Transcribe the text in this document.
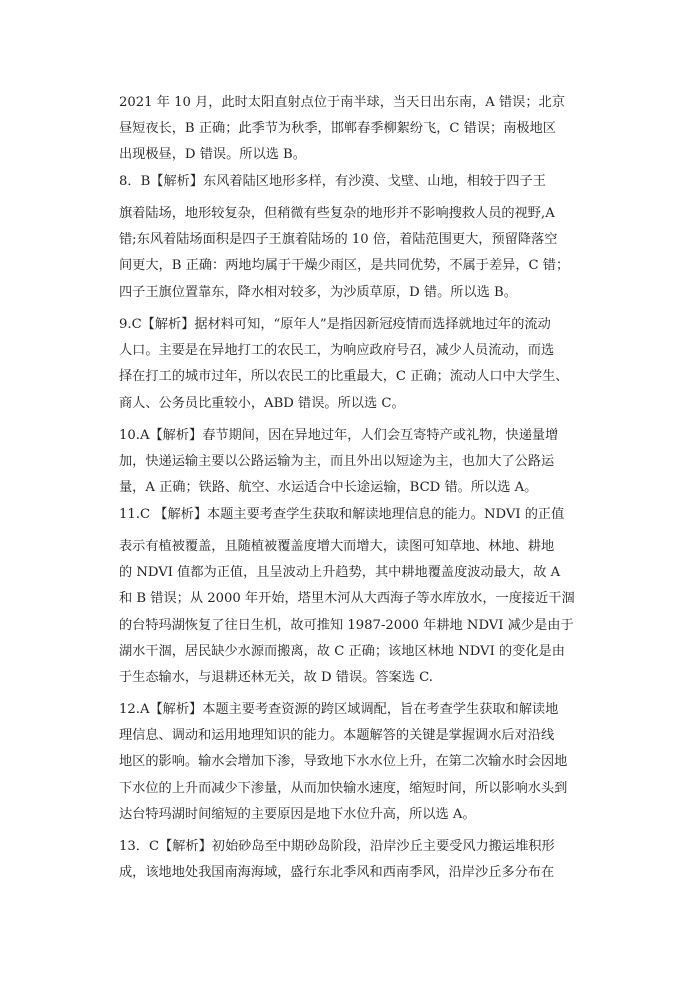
2021 年 10 月，此时太阳直射点位于南半球，当天日出东南，A 错误；北京
昼短夜长，B 正确；此季节为秋季，邯郸春季柳絮纷飞，C 错误；南极地区
出现极昼，D 错误。所以选 B。
8．B【解析】东风着陆区地形多样，有沙漠、戈壁、山地，相较于四子王
旗着陆场，地形较复杂，但稍微有些复杂的地形并不影响搜救人员的视野,A
错;东风着陆场面积是四子王旗着陆场的 10 倍，着陆范围更大，预留降落空
间更大，B 正确：两地均属于干燥少雨区，是共同优势，不属于差异，C 错；
四子王旗位置靠东，降水相对较多，为沙质草原，D 错。所以选 B。
9.C【解析】据材料可知，“原年人”是指因新冠疫情而选择就地过年的流动
人口。主要是在异地打工的农民工，为响应政府号召，减少人员流动，而选
择在打工的城市过年，所以农民工的比重最大，C 正确；流动人口中大学生、
商人、公务员比重较小，ABD 错误。所以选 C。
10.A【解析】春节期间，因在异地过年，人们会互寄特产或礼物，快递量增
加，快递运输主要以公路运输为主，而且外出以短途为主，也加大了公路运
量，A 正确；铁路、航空、水运适合中长途运输，BCD 错。所以选 A。
11.C 【解析】本题主要考查学生获取和解读地理信息的能力。NDVI 的正值
表示有植被覆盖，且随植被覆盖度增大而增大，读图可知草地、林地、耕地
的 NDVI 值都为正值，且呈波动上升趋势，其中耕地覆盖度波动最大，故 A
和 B 错误；从 2000 年开始，塔里木河从大西海子等水库放水，一度接近干涸
的台特玛湖恢复了往日生机，故可推知 1987-2000 年耕地 NDVI 减少是由于
湖水干涸，居民缺少水源而搬离，故 C 正确；该地区林地 NDVI 的变化是由
于生态输水，与退耕还林无关，故 D 错误。答案选 C.
12.A【解析】本题主要考查资源的跨区域调配，旨在考查学生获取和解读地
理信息、调动和运用地理知识的能力。本题解答的关键是掌握调水后对沿线
地区的影响。输水会增加下渗，导致地下水水位上升，在第二次输水时会因地
下水位的上升而减少下渗量，从而加快输水速度，缩短时间，所以影响水头到
达台特玛湖时间缩短的主要原因是地下水位升高，所以选 A。
13．C【解析】初始砂岛至中期砂岛阶段，沿岸沙丘主要受风力搬运堆积形
成，该地地处我国南海海域，盛行东北季风和西南季风，沿岸沙丘多分布在
